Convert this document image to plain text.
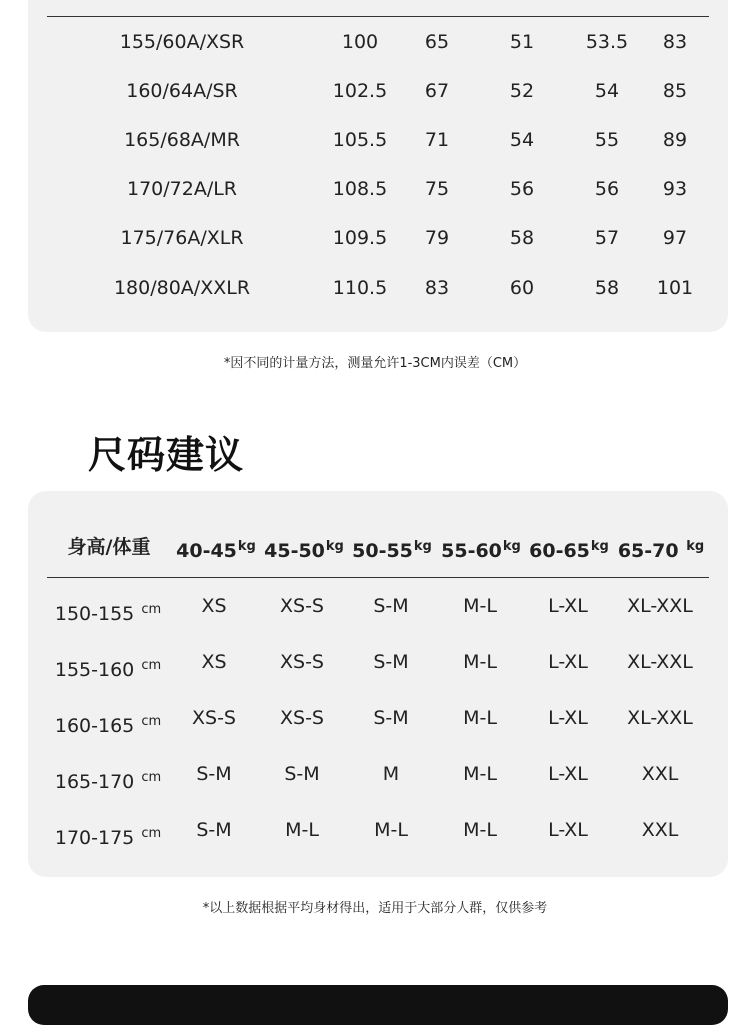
155/60A/XSR	100 65	51	53.5 83
160/64A/SR	102.5 67	52	54 85
165/68A/MR	105.5 71	54	55 89
170/72A/LR	108.5 75	56	56 93
175/76A/XLR	109.5 79	58	57 97
180/80A/XXLR	110.5 83	60	58 101
*因不同的计量方法，测量允许1-3CM内误差（CM）
尺码建议
身高/体重 $40-45^{kg}$ $45-50^{kg}$ $50-55^{kg}$ $55-60^{kg}$ $60-65^{kg}$ 65-70 $^{kg}$
150-155 $^{cm}$ XS	XS-S	S-M	M-L	L-XL XL-XXL
155-160 $^{cm}$ XS	XS-S	S-M	M-L	L-XL XL-XXL
160-165 $^{cm}$ XS-S XS-S	S-M	M-L	L-XL XL-XXL
165-170 $^{cm}$ S-M	S-M	M	M-L	L-XL	XXL
170-175 $^{cm}$ S-M	M-L	M-L	M-L	L-XL	XXL
*以上数据根据平均身材得出，适用于大部分人群，仅供参考
